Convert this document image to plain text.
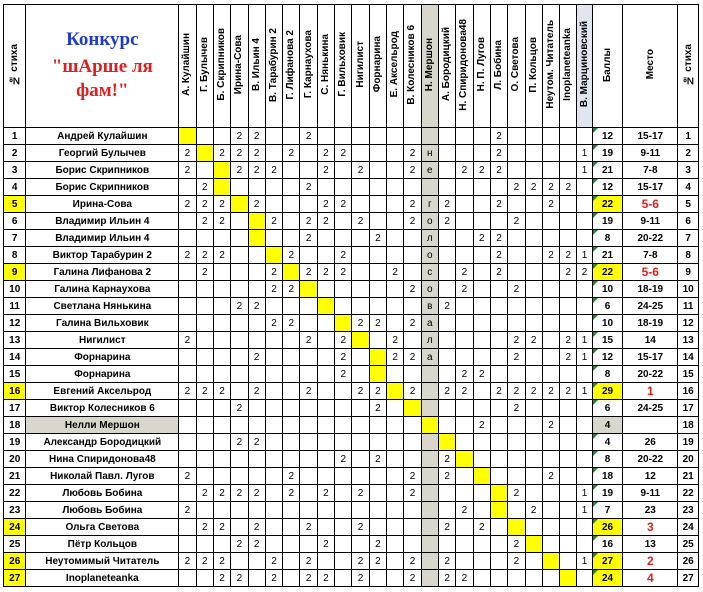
№ стиха	Конкурс
"шАрше ля фам!"	А. Кулайшин	Г. Булычев	Б. Скрипников	Ирина-Сова	В. Ильин 4	В. Тарабурин 2	Г. Лифанова 2	Г. Карнаухова	С. Нянькина	Г. Вильховик	Нигилист	Форнарина	Е. Аксельрод	В. Колесников 6	Н. Мершон	А. Бородицкий	Н. Спиридонова48	Н. П. Лугов	Л. Бобина	О. Светова	П. Кольцов	Неутом. Читатель	Inoplaneteanka	В. Марциновский	Баллы	Место	№ стиха
1	Андрей Кулайшин				2	2			2											2						12	15-17	1
2	Георгий Булычев	2		2	2	2		2		2	2				2	н				2					1	19	9-11	2
3	Борис Скрипников	2			2	2	2			2		2			2	е		2	2	2					1	21	7-8	3
4	Борис Скрипников		2						2												2	2	2	2		12	15-17	4
5	Ирина-Сова	2	2	2		2				2	2				2	г	2			2			2			22	5-6	5
6	Владимир Ильин 4		2	2			2		2	2		2			2	о	2				2					19	9-11	6
7	Владимир Ильин 4								2				2			л			2	2						8	20-22	7
8	Виктор Тарабурин 2	2	2	2				2			2					о				2			2	2	1	21	7-8	8
9	Галина Лифанова 2		2				2		2	2	2			2		с		2		2				2	2	22	5-6	9
10	Галина Карнаухова						2	2							2	о		2			2					10	18-19	10
11	Светлана Нянькина				2	2										в	2									6	24-25	11
12	Галина Вильховик						2	2				2	2		2	а										10	18-19	12
13	Нигилист	2							2		2			2		л					2	2		2	1	15	14	13
14	Форнарина					2					2			2	2	а					2			2	1	12	15-17	14
15	Форнарина										2							2	2							8	20-22	15
16	Евгений Аксельрод	2	2	2		2			2			2	2		2		2	2		2	2	2	2	2	1	29	1	16
17	Виктор Колесников 6				2								2								2					6	24-25	17
18	Нелли Мершон																		2				2			4		18
19	Александр Бородицкий				2	2																				4	26	19
20	Нина Спиридонова48										2		2				2									8	20-22	20
21	Николай Павл. Лугов	2						2							2		2						2			18	12	21
22	Любовь Бобина		2	2	2	2		2		2		2			2						2				1	19	9-11	22
23	Любовь Бобина	2																2				2			1	7	23	23
24	Ольга Светова		2	2		2			2			2					2		2							26	3	24
25	Пётр Кольцов				2	2				2			2								2					16	13	25
26	Неутомимый Читатель	2	2	2			2		2			2	2		2		2				2				1	27	2	26
27	Inoplaneteanka			2	2		2		2	2		2			2		2	2								24	4	27
